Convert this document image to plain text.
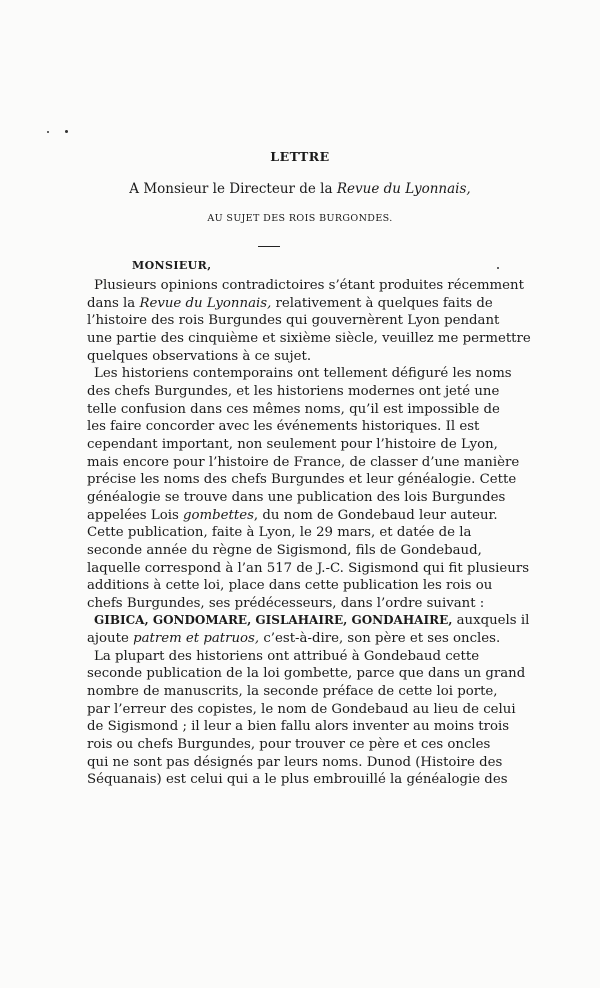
LETTRE
A Monsieur le Directeur de la Revue du Lyonnais,
AU SUJET DES ROIS BURGONDES.
MONSIEUR,
Plusieurs opinions contradictoires s’étant produites récemment
dans la Revue du Lyonnais, relativement à quelques faits de
l’histoire des rois Burgundes qui gouvernèrent Lyon pendant
une partie des cinquième et sixième siècle, veuillez me permettre
quelques observations à ce sujet.
Les historiens contemporains ont tellement défiguré les noms
des chefs Burgundes, et les historiens modernes ont jeté une
telle confusion dans ces mêmes noms, qu’il est impossible de
les faire concorder avec les événements historiques. Il est
cependant important, non seulement pour l’histoire de Lyon,
mais encore pour l’histoire de France, de classer d’une manière
précise les noms des chefs Burgundes et leur généalogie. Cette
généalogie se trouve dans une publication des lois Burgundes
appelées Lois gombettes, du nom de Gondebaud leur auteur.
Cette publication, faite à Lyon, le 29 mars, et datée de la
seconde année du règne de Sigismond, fils de Gondebaud,
laquelle correspond à l’an 517 de J.-C. Sigismond qui fit plusieurs
additions à cette loi, place dans cette publication les rois ou
chefs Burgundes, ses prédécesseurs, dans l’ordre suivant :
GIBICA, GONDOMARE, GISLAHAIRE, GONDAHAIRE, auxquels il
ajoute patrem et patruos, c’est-à-dire, son père et ses oncles.
La plupart des historiens ont attribué à Gondebaud cette
seconde publication de la loi gombette, parce que dans un grand
nombre de manuscrits, la seconde préface de cette loi porte,
par l’erreur des copistes, le nom de Gondebaud au lieu de celui
de Sigismond ; il leur a bien fallu alors inventer au moins trois
rois ou chefs Burgundes, pour trouver ce père et ces oncles
qui ne sont pas désignés par leurs noms. Dunod (Histoire des
Séquanais) est celui qui a le plus embrouillé la généalogie des
